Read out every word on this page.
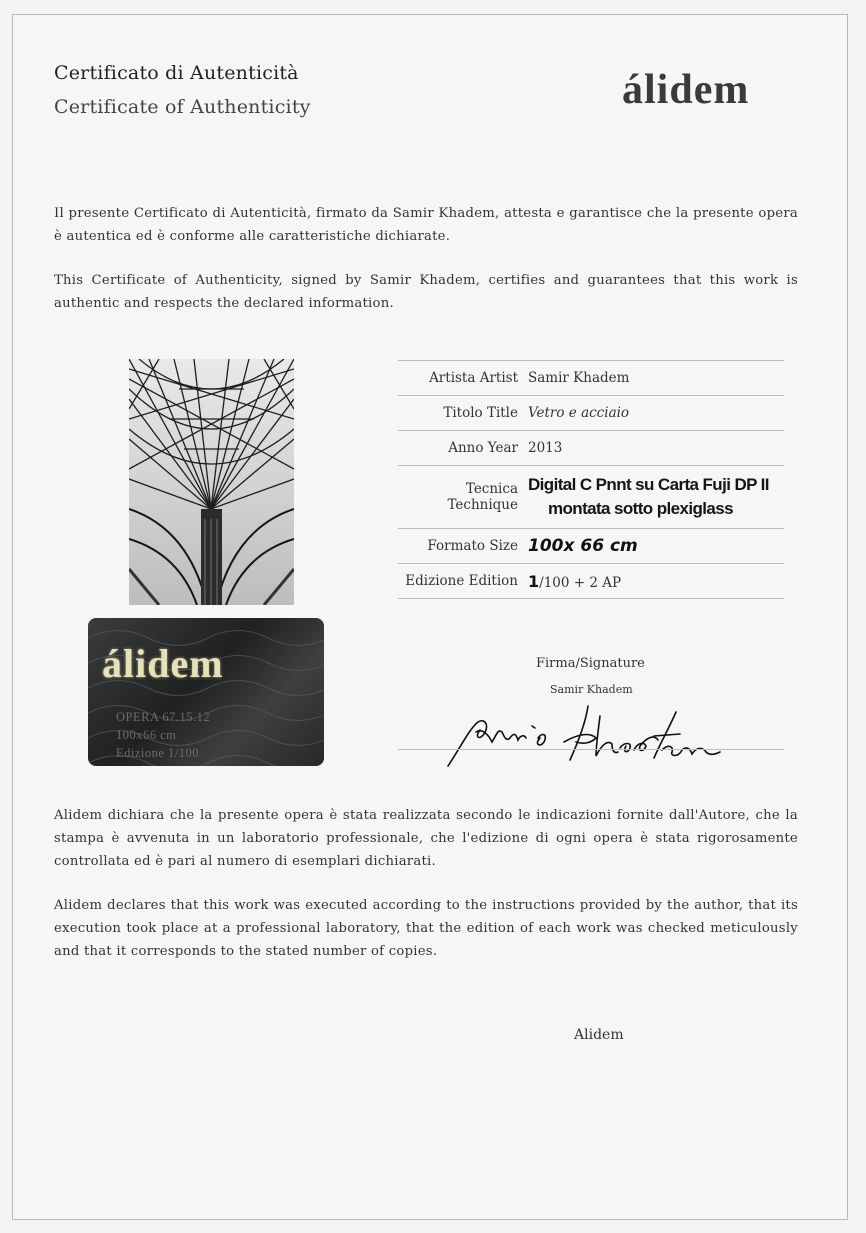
Certificato di Autenticità
Certificate of Authenticity	álidem
Il presente Certificato di Autenticità, firmato da Samir Khadem, attesta e garantisce che la presente opera è autentica ed è conforme alle caratteristiche dichiarate.
This Certificate of Authenticity, signed by Samir Khadem, certifies and guarantees that this work is authentic and respects the declared information.
álidem
OPERA 67.15.12
100x66 cm
Edizione 1/100
Artista Artist Samir Khadem
Titolo Title Vetro e acciaio
Anno Year 2013
Tecnica
Technique
Digital C Pnnt su Carta Fuji DP II
montata sotto plexiglass
Formato Size 100x 66 cm
Edizione Edition 1/100 + 2 AP
Firma/Signature
Samir Khadem
Alidem dichiara che la presente opera è stata realizzata secondo le indicazioni fornite dall'Autore, che la stampa è avvenuta in un laboratorio professionale, che l'edizione di ogni opera è stata rigorosamente controllata ed è pari al numero di esemplari dichiarati.
Alidem declares that this work was executed according to the instructions provided by the author, that its execution took place at a professional laboratory, that the edition of each work was checked meticulously and that it corresponds to the stated number of copies.
Alidem
